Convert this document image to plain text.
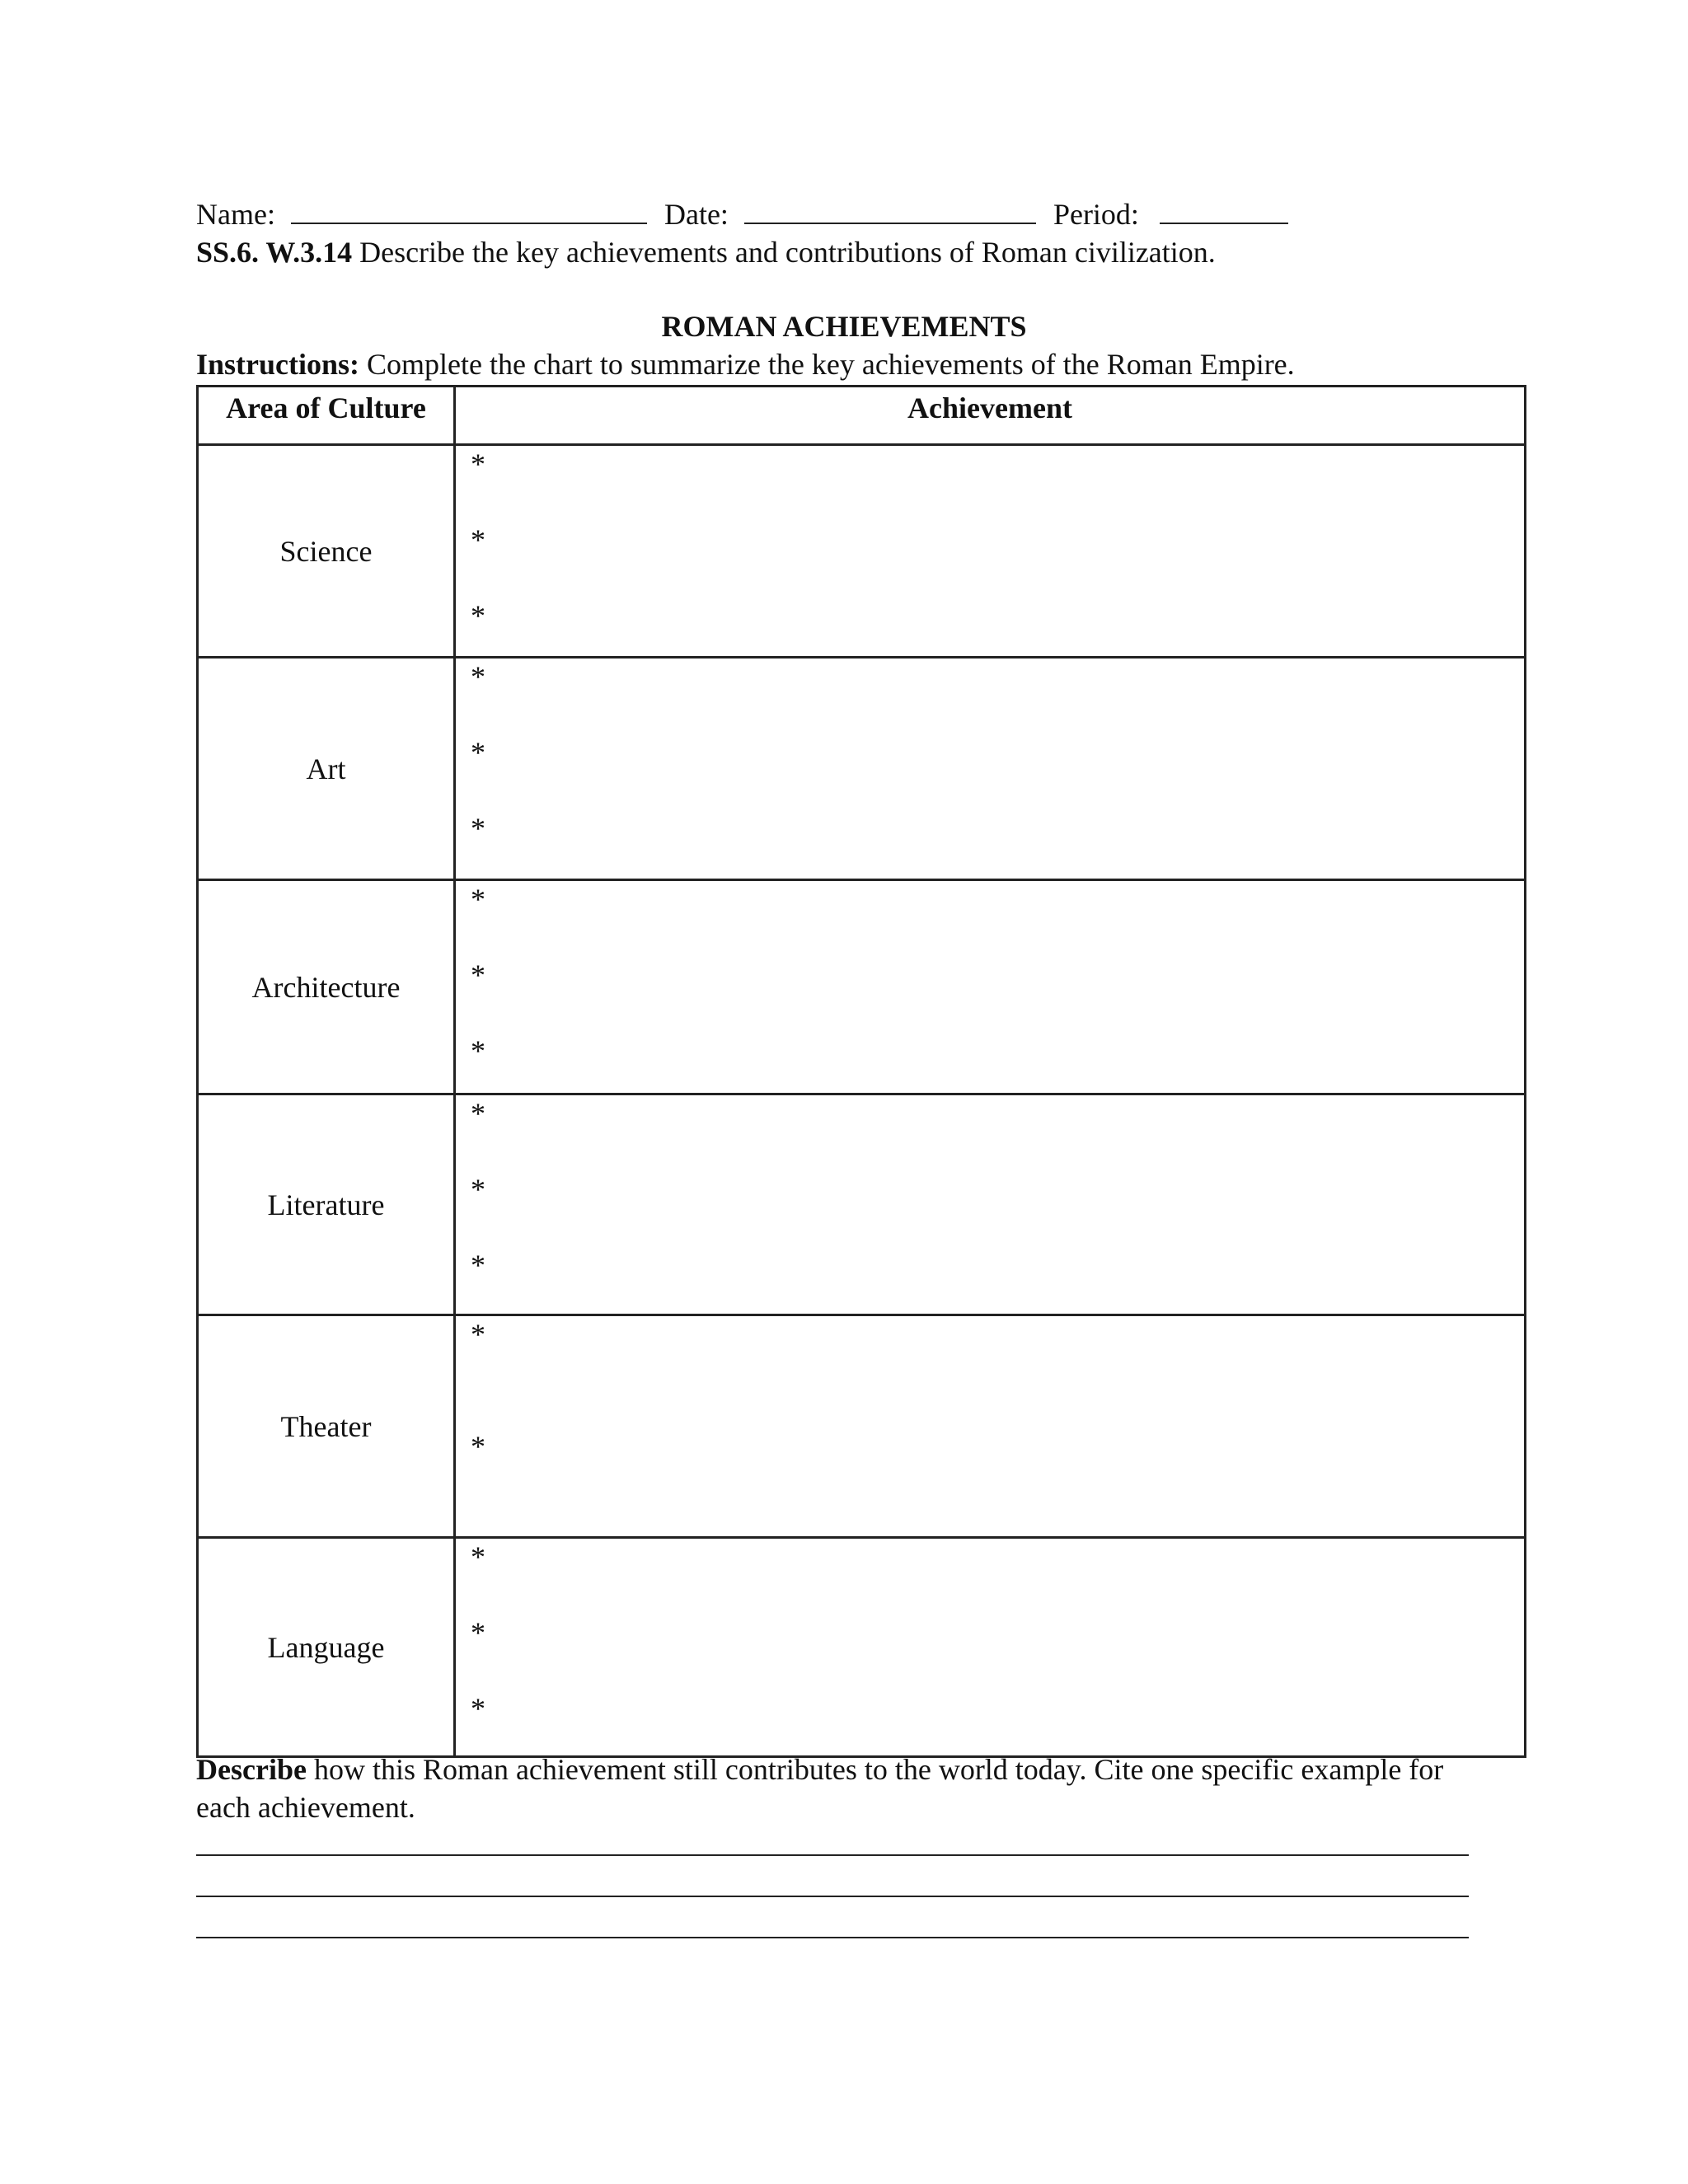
Name:	Date:	Period:
SS.6. W.3.14 Describe the key achievements and contributions of Roman civilization.
ROMAN ACHIEVEMENTS
Instructions: Complete the chart to summarize the key achievements of the Roman Empire.
Area of Culture	Achievement
Science	*
*
*

Art	*
*
*

Architecture	*
*
*

Literature	*
*
*

Theater	*
*

Language	*
*
*
Describe how this Roman achievement still contributes to the world today. Cite one specific example for each achievement.
